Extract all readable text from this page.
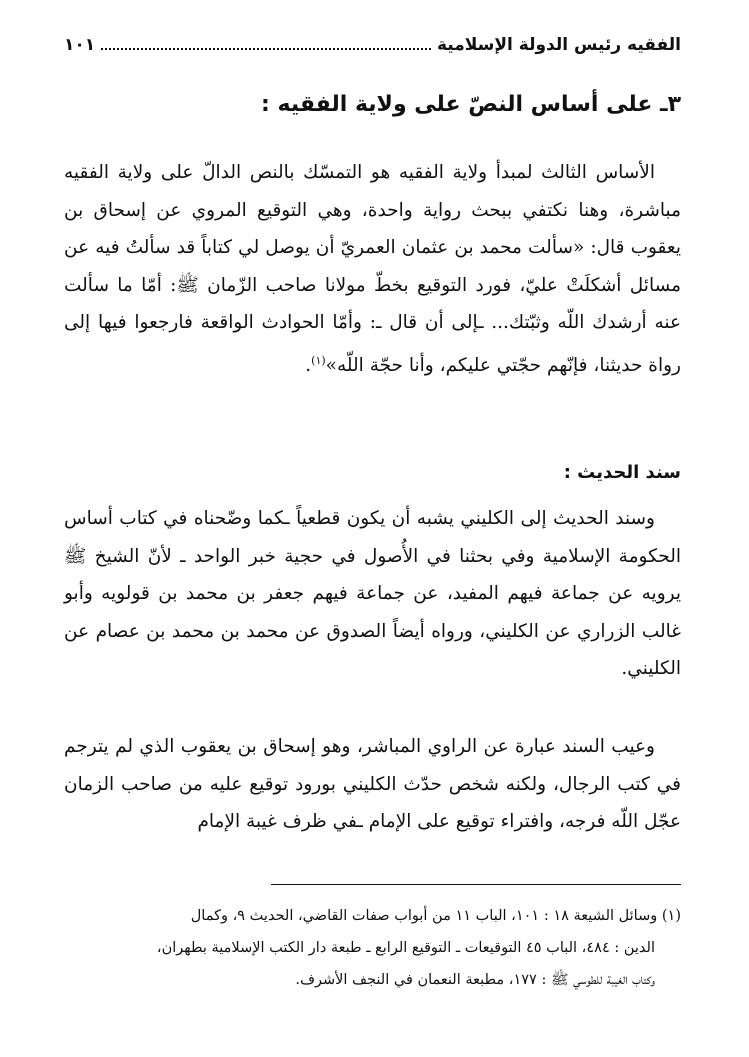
الفقيه رئيس الدولة الإسلامية
١٠١
٣ـ على أساس النصّ على ولاية الفقيه :

الأساس الثالث لمبدأ ولاية الفقيه هو التمسّك بالنص الدالّ على ولاية الفقيه مباشرة، وهنا نكتفي ببحث رواية واحدة، وهي التوقيع المروي عن إسحاق بن يعقوب قال: «سألت محمد بن عثمان العمريّ أن يوصل لي كتاباً قد سألتُ فيه عن مسائل أشكلَتْ عليّ، فورد التوقيع بخطّ مولانا صاحب الزّمان ﷺ: أمّا ما سألت عنه أرشدك اللّه وثبّتك... ـإلى أن قال ـ: وأمّا الحوادث الواقعة فارجعوا فيها إلى رواة حديثنا، فإنّهم حجّتي عليكم، وأنا حجّة اللّه»$^{(١)}$.

سند الحديث :

وسند الحديث إلى الكليني يشبه أن يكون قطعياً ـكما وضّحناه في كتاب أساس الحكومة الإسلامية وفي بحثنا في الأُصول في حجية خبر الواحد ـ لأنّ الشيخ ﷺ يرويه عن جماعة فيهم المفيد، عن جماعة فيهم جعفر بن محمد بن قولويه وأبو غالب الزراري عن الكليني، ورواه أيضاً الصدوق عن محمد بن محمد بن عصام عن الكليني.

وعيب السند عبارة عن الراوي المباشر، وهو إسحاق بن يعقوب الذي لم يترجم في كتب الرجال، ولكنه شخص حدّث الكليني بورود توقيع عليه من صاحب الزمان عجّل اللّه فرجه، وافتراء توقيع على الإمام ـفي ظرف غيبة الإمام

(١) وسائل الشيعة ١٨ : ١٠١، الباب ١١ من أبواب صفات القاضي، الحديث ٩، وكمال
الدين : ٤٨٤، الباب ٤٥ التوقيعات ـ التوقيع الرابع ـ طبعة دار الكتب الإسلامية بطهران،
وكتاب الغيبة للطوسي ﷺ : ١٧٧، مطبعة النعمان في النجف الأشرف.
